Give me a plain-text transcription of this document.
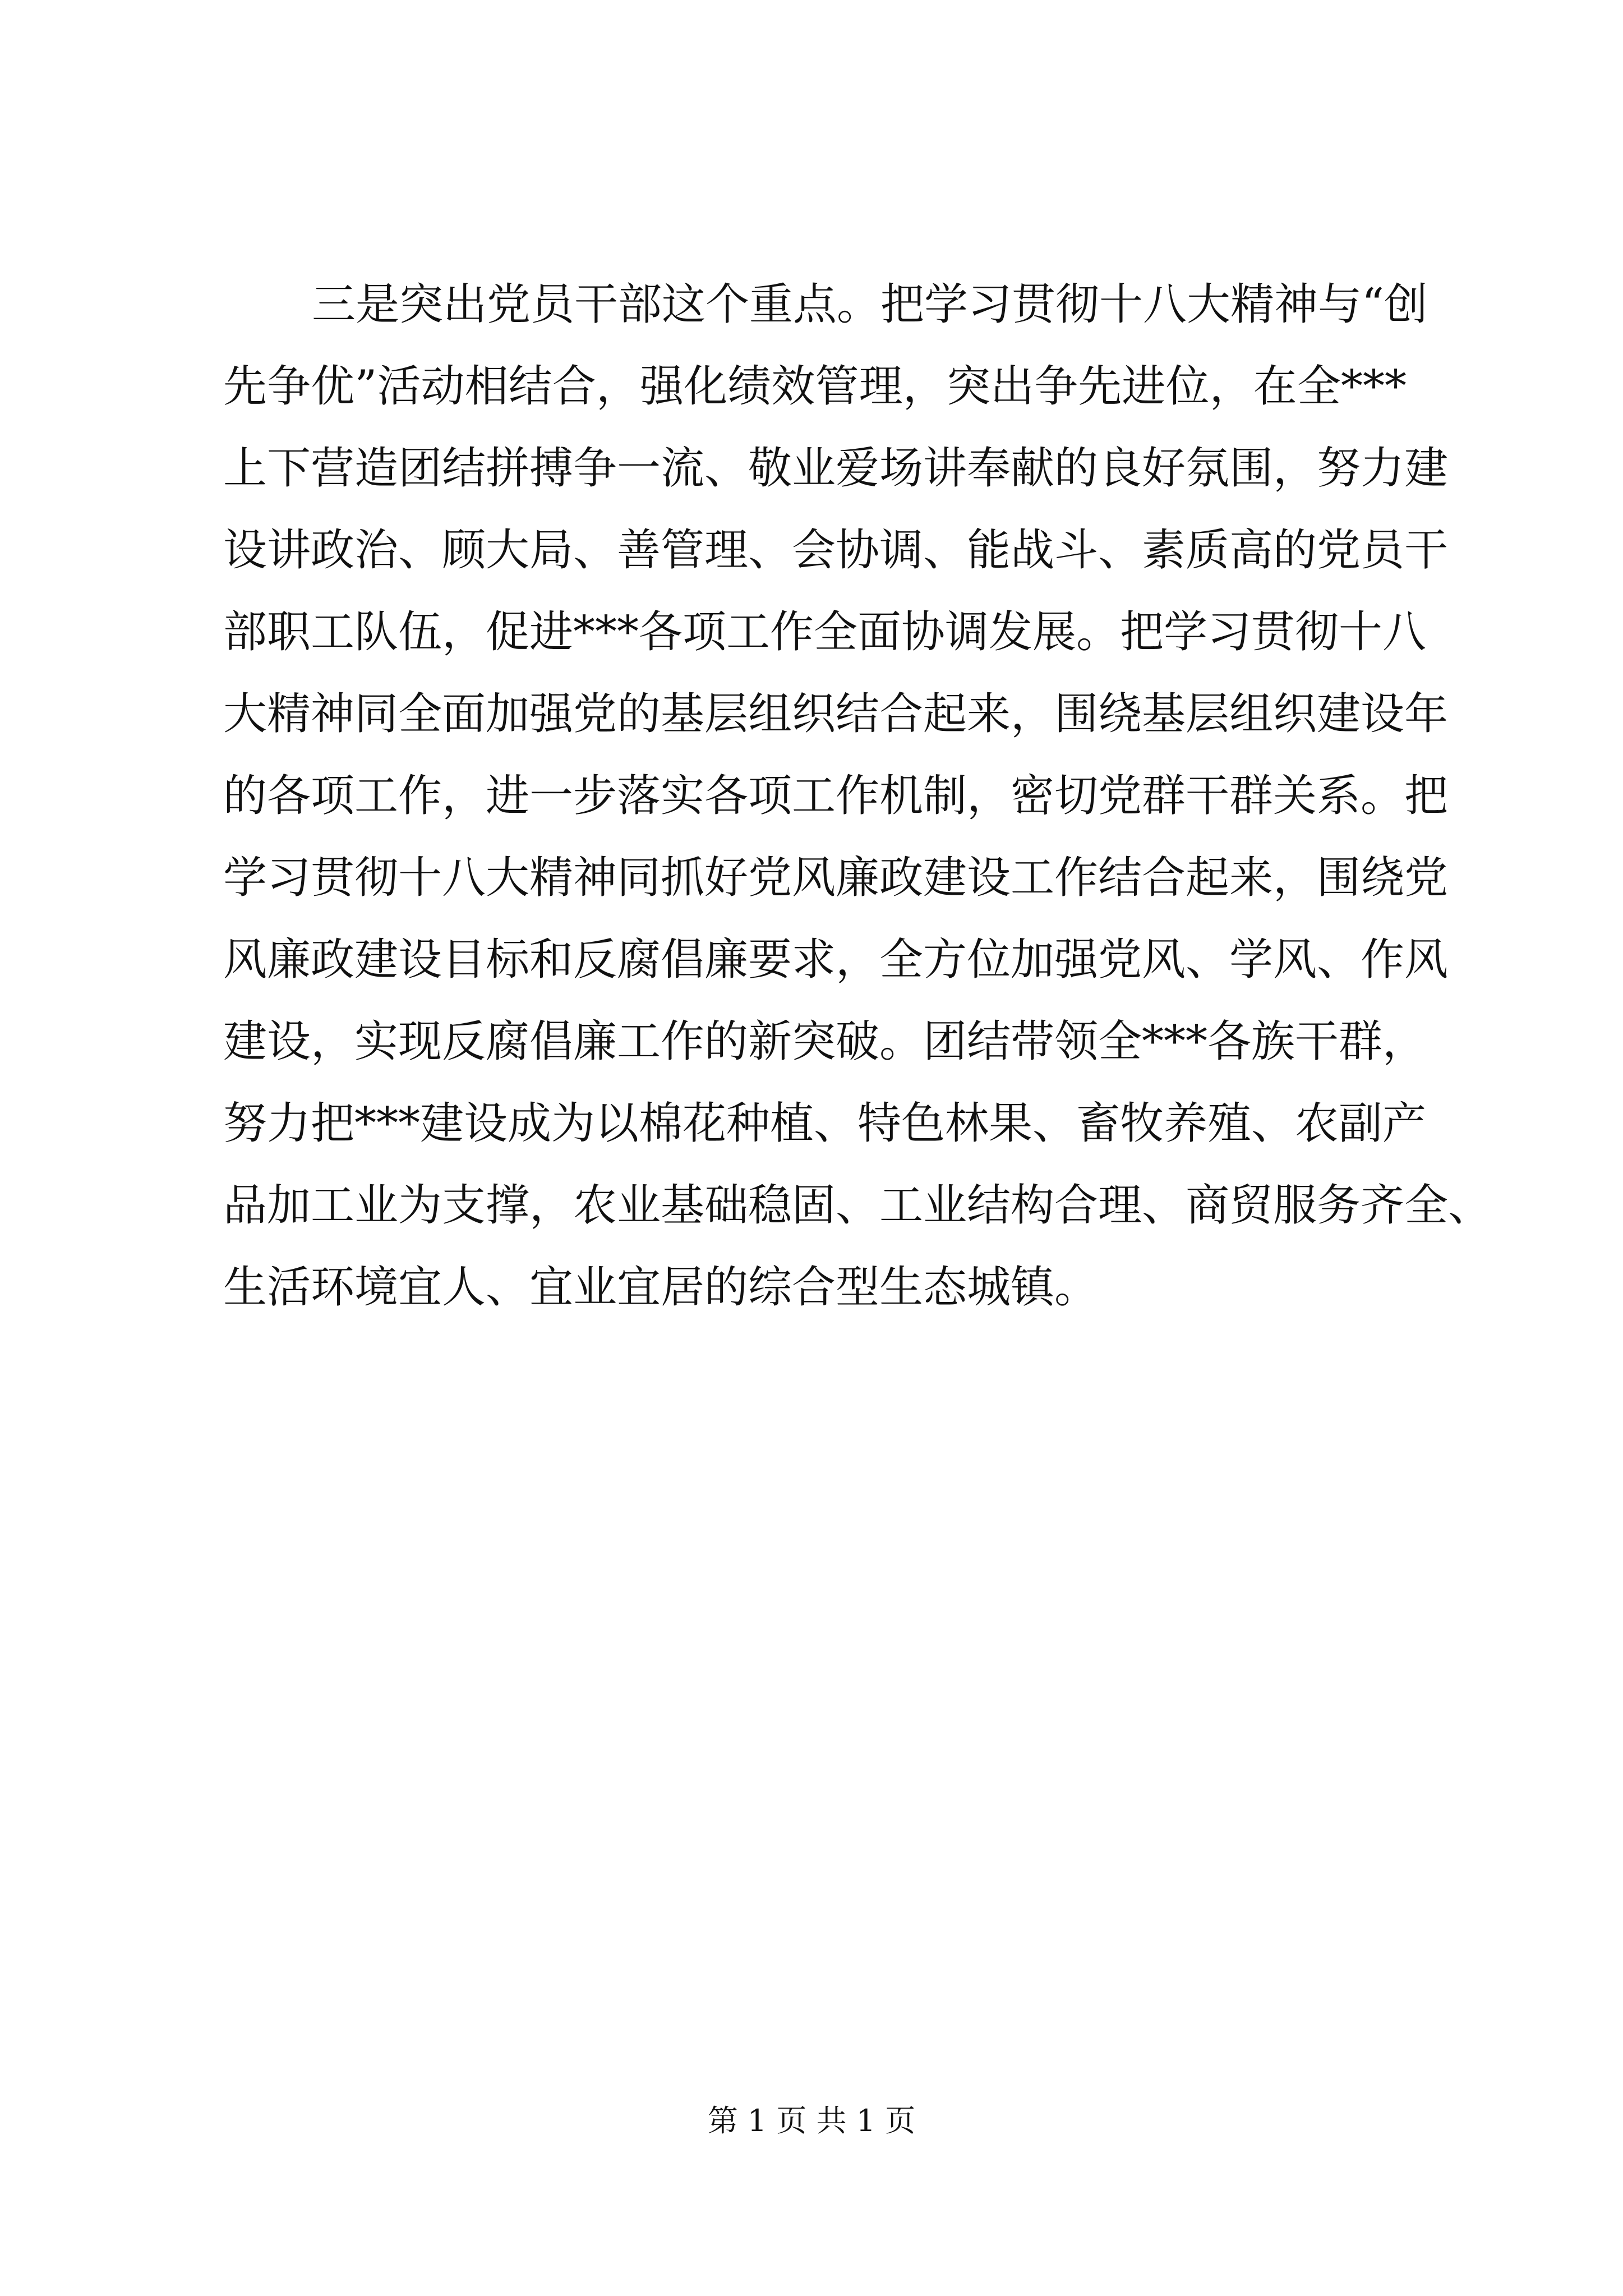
三是突出党员干部这个重点。把学习贯彻十八大精神与“创
先争优”活动相结合，强化绩效管理，突出争先进位，在全***
上下营造团结拼搏争一流、敬业爱场讲奉献的良好氛围，努力建
设讲政治、顾大局、善管理、会协调、能战斗、素质高的党员干
部职工队伍，促进***各项工作全面协调发展。把学习贯彻十八
大精神同全面加强党的基层组织结合起来，围绕基层组织建设年
的各项工作，进一步落实各项工作机制，密切党群干群关系。把
学习贯彻十八大精神同抓好党风廉政建设工作结合起来，围绕党
风廉政建设目标和反腐倡廉要求，全方位加强党风、学风、作风
建设，实现反腐倡廉工作的新突破。团结带领全***各族干群，
努力把***建设成为以棉花种植、特色林果、畜牧养殖、农副产
品加工业为支撑，农业基础稳固、工业结构合理、商贸服务齐全、
生活环境宜人、宜业宜居的综合型生态城镇。
第 1 页 共 1 页
